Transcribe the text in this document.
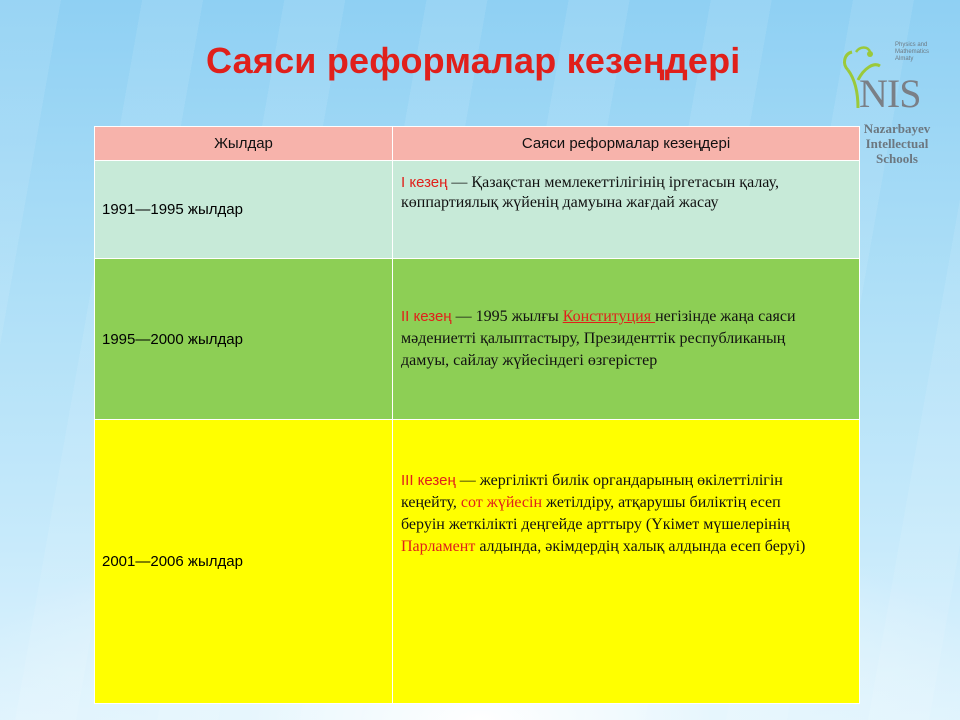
Саяси реформалар кезеңдері	Physics and Mathematics Almaty
NIS
Nazarbayev
Intellectual
Schools
Жылдар	Саяси реформалар кезеңдері
1991—1995 жылдар	I кезең — Қазақстан мемлекеттілігінің іргетасын қалау, көппартиялық жүйенің дамуына жағдай жасау
1995—2000 жылдар	II кезең — 1995 жылғы Конституция негізінде жаңа саяси мәдениетті қалыптастыру, Президенттік республиканың дамуы, сайлау жүйесіндегі өзгерістер
2001—2006 жылдар	III кезең — жергілікті билік органдарының өкілеттілігін кеңейту, сот жүйесін жетілдіру, атқарушы биліктің есеп беруін жеткілікті деңгейде арттыру (Үкімет мүшелерінің Парламент алдында, әкімдердің халық алдында есеп беруі)
